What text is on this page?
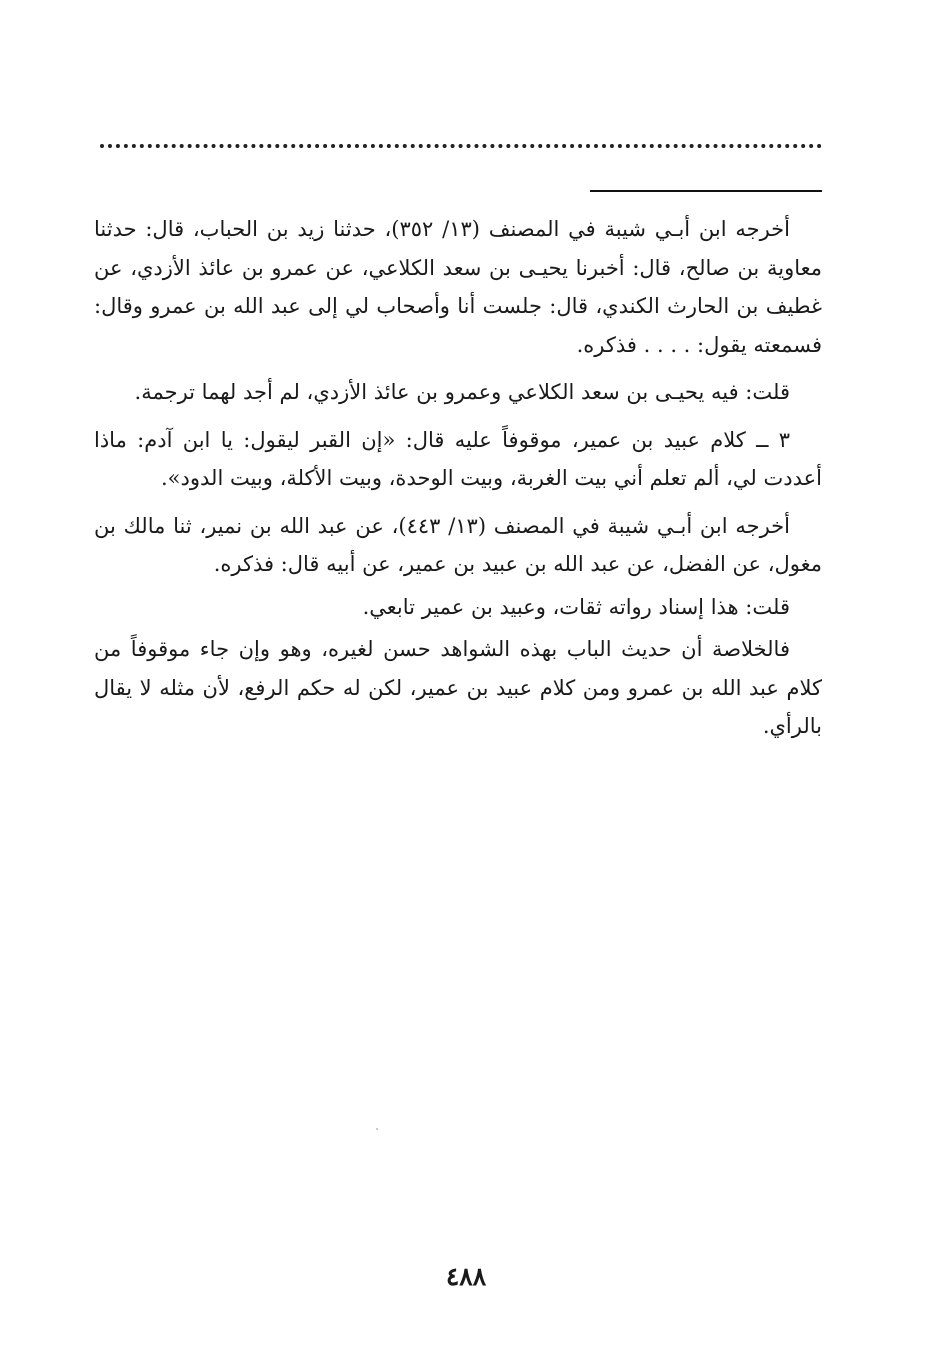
أخرجه ابن أبـي شيبة في المصنف (١٣/ ٣٥٢)، حدثنا زيد بن الحباب، قال: حدثنا معاوية بن صالح، قال: أخبرنا يحيـى بن سعد الكلاعي، عن عمرو بن عائذ الأزدي، عن غطيف بن الحارث الكندي، قال: جلست أنا وأصحاب لي إلى عبد الله بن عمرو وقال: فسمعته يقول: . . . . فذكره.

قلت: فيه يحيـى بن سعد الكلاعي وعمرو بن عائذ الأزدي، لم أجد لهما ترجمة.

٣ ــ كلام عبيد بن عمير، موقوفاً عليه قال: «إن القبر ليقول: يا ابن آدم: ماذا أعددت لي، ألم تعلم أني بيت الغربة، وبيت الوحدة، وبيت الأكلة، وبيت الدود».

أخرجه ابن أبـي شيبة في المصنف (١٣/ ٤٤٣)، عن عبد الله بن نمير، ثنا مالك بن مغول، عن الفضل، عن عبد الله بن عبيد بن عمير، عن أبيه قال: فذكره.

قلت: هذا إسناد رواته ثقات، وعبيد بن عمير تابعي.

فالخلاصة أن حديث الباب بهذه الشواهد حسن لغيره، وهو وإن جاء موقوفاً من كلام عبد الله بن عمرو ومن كلام عبيد بن عمير، لكن له حكم الرفع، لأن مثله لا يقال بالرأي.

٤٨٨
